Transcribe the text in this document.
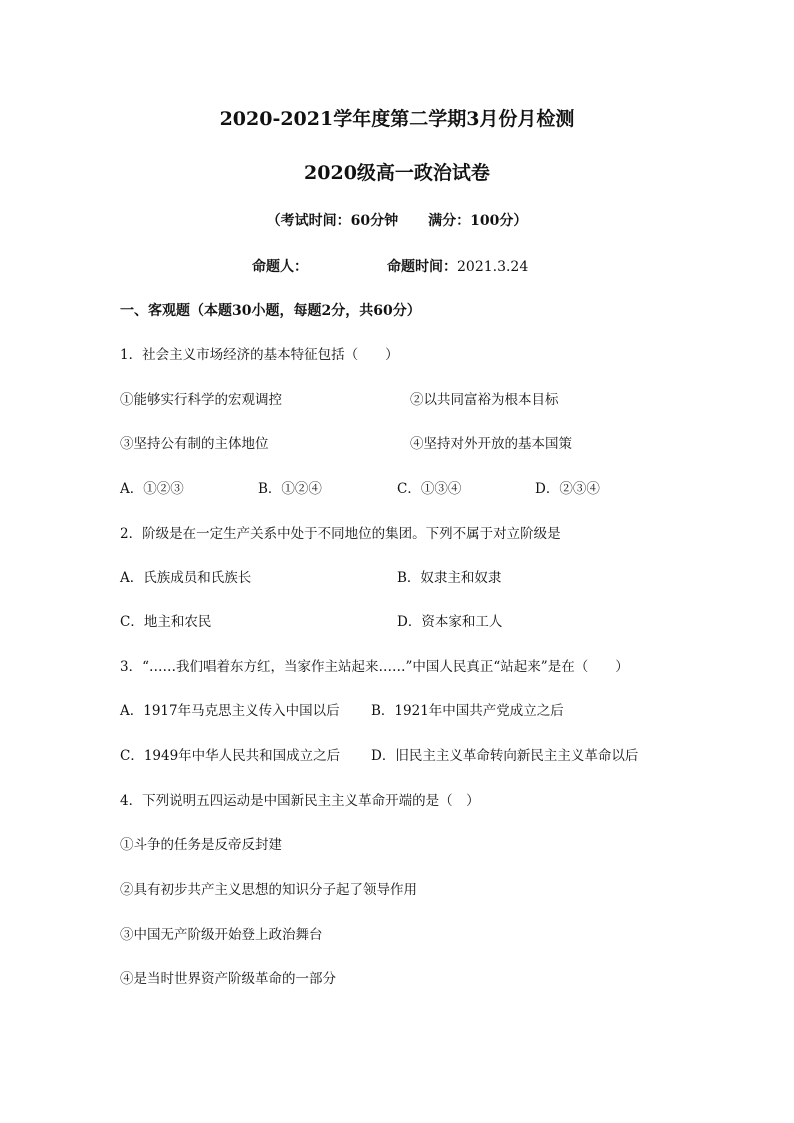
2020-2021学年度第二学期3月份月检测
2020级高一政治试卷
（考试时间：60分钟 满分：100分）
命题人：	命题时间：2021.3.24
一、客观题（本题30小题，每题2分，共60分）
1．社会主义市场经济的基本特征包括（　　）
①能够实行科学的宏观调控	②以共同富裕为根本目标
③坚持公有制的主体地位	④坚持对外开放的基本国策
A．①②③	B．①②④	C．①③④	D．②③④
2．阶级是在一定生产关系中处于不同地位的集团。下列不属于对立阶级是
A．氏族成员和氏族长	B．奴隶主和奴隶
C．地主和农民	D．资本家和工人
3．“……我们唱着东方红，当家作主站起来……”中国人民真正“站起来”是在（　　）
A．1917年马克思主义传入中国以后 B．1921年中国共产党成立之后
C．1949年中华人民共和国成立之后 D．旧民主主义革命转向新民主主义革命以后
4．下列说明五四运动是中国新民主主义革命开端的是（　）
①斗争的任务是反帝反封建
②具有初步共产主义思想的知识分子起了领导作用
③中国无产阶级开始登上政治舞台
④是当时世界资产阶级革命的一部分
